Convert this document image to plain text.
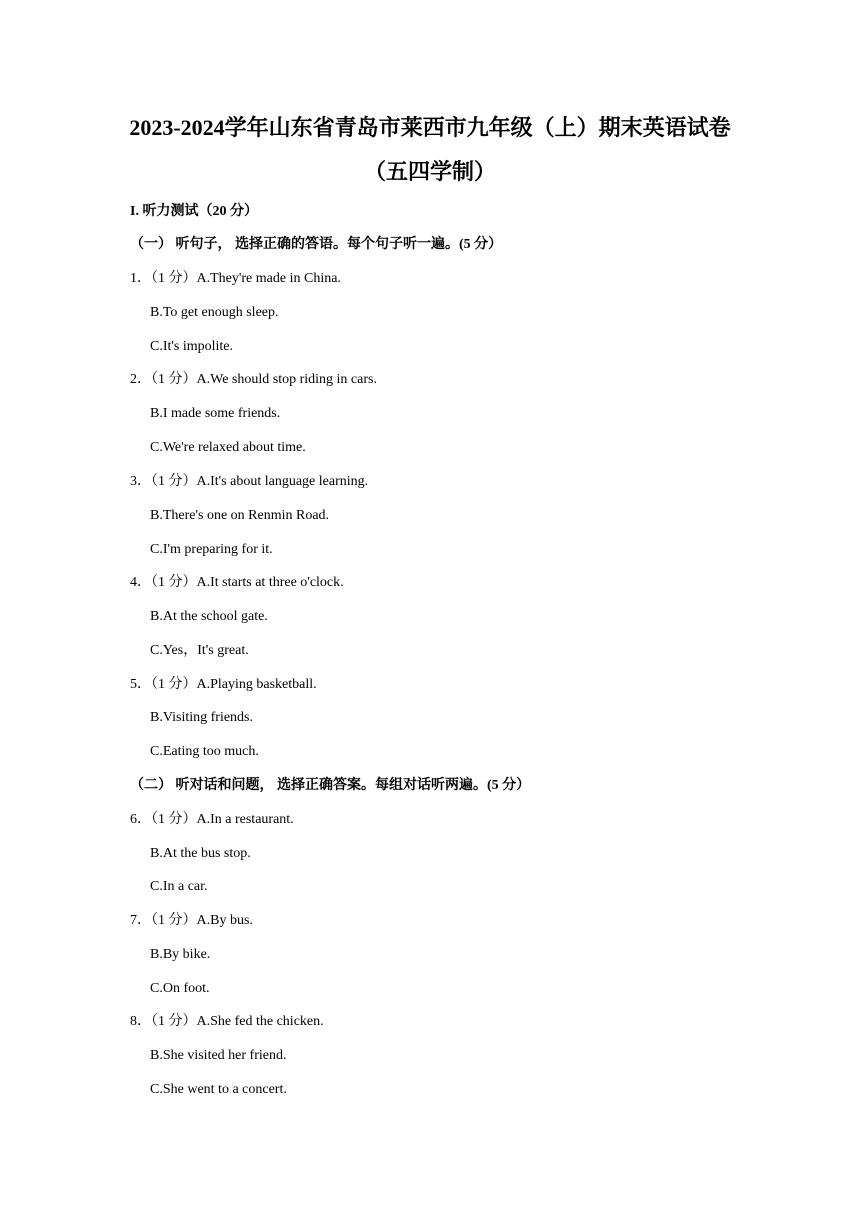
2023-2024学年山东省青岛市莱西市九年级（上）期末英语试卷
（五四学制）
I. 听力测试（20 分）
（一） 听句子， 选择正确的答语。每个句子听一遍。(5 分）
1．（1 分）A.They're made in China.
B.To get enough sleep.
C.It's impolite.
2．（1 分）A.We should stop riding in cars.
B.I made some friends.
C.We're relaxed about time.
3．（1 分）A.It's about language learning.
B.There's one on Renmin Road.
C.I'm preparing for it.
4．（1 分）A.It starts at three o'clock.
B.At the school gate.
C.Yes，It's great.
5．（1 分）A.Playing basketball.
B.Visiting friends.
C.Eating too much.
（二） 听对话和问题， 选择正确答案。每组对话听两遍。(5 分）
6．（1 分）A.In a restaurant.
B.At the bus stop.
C.In a car.
7．（1 分）A.By bus.
B.By bike.
C.On foot.
8．（1 分）A.She fed the chicken.
B.She visited her friend.
C.She went to a concert.
